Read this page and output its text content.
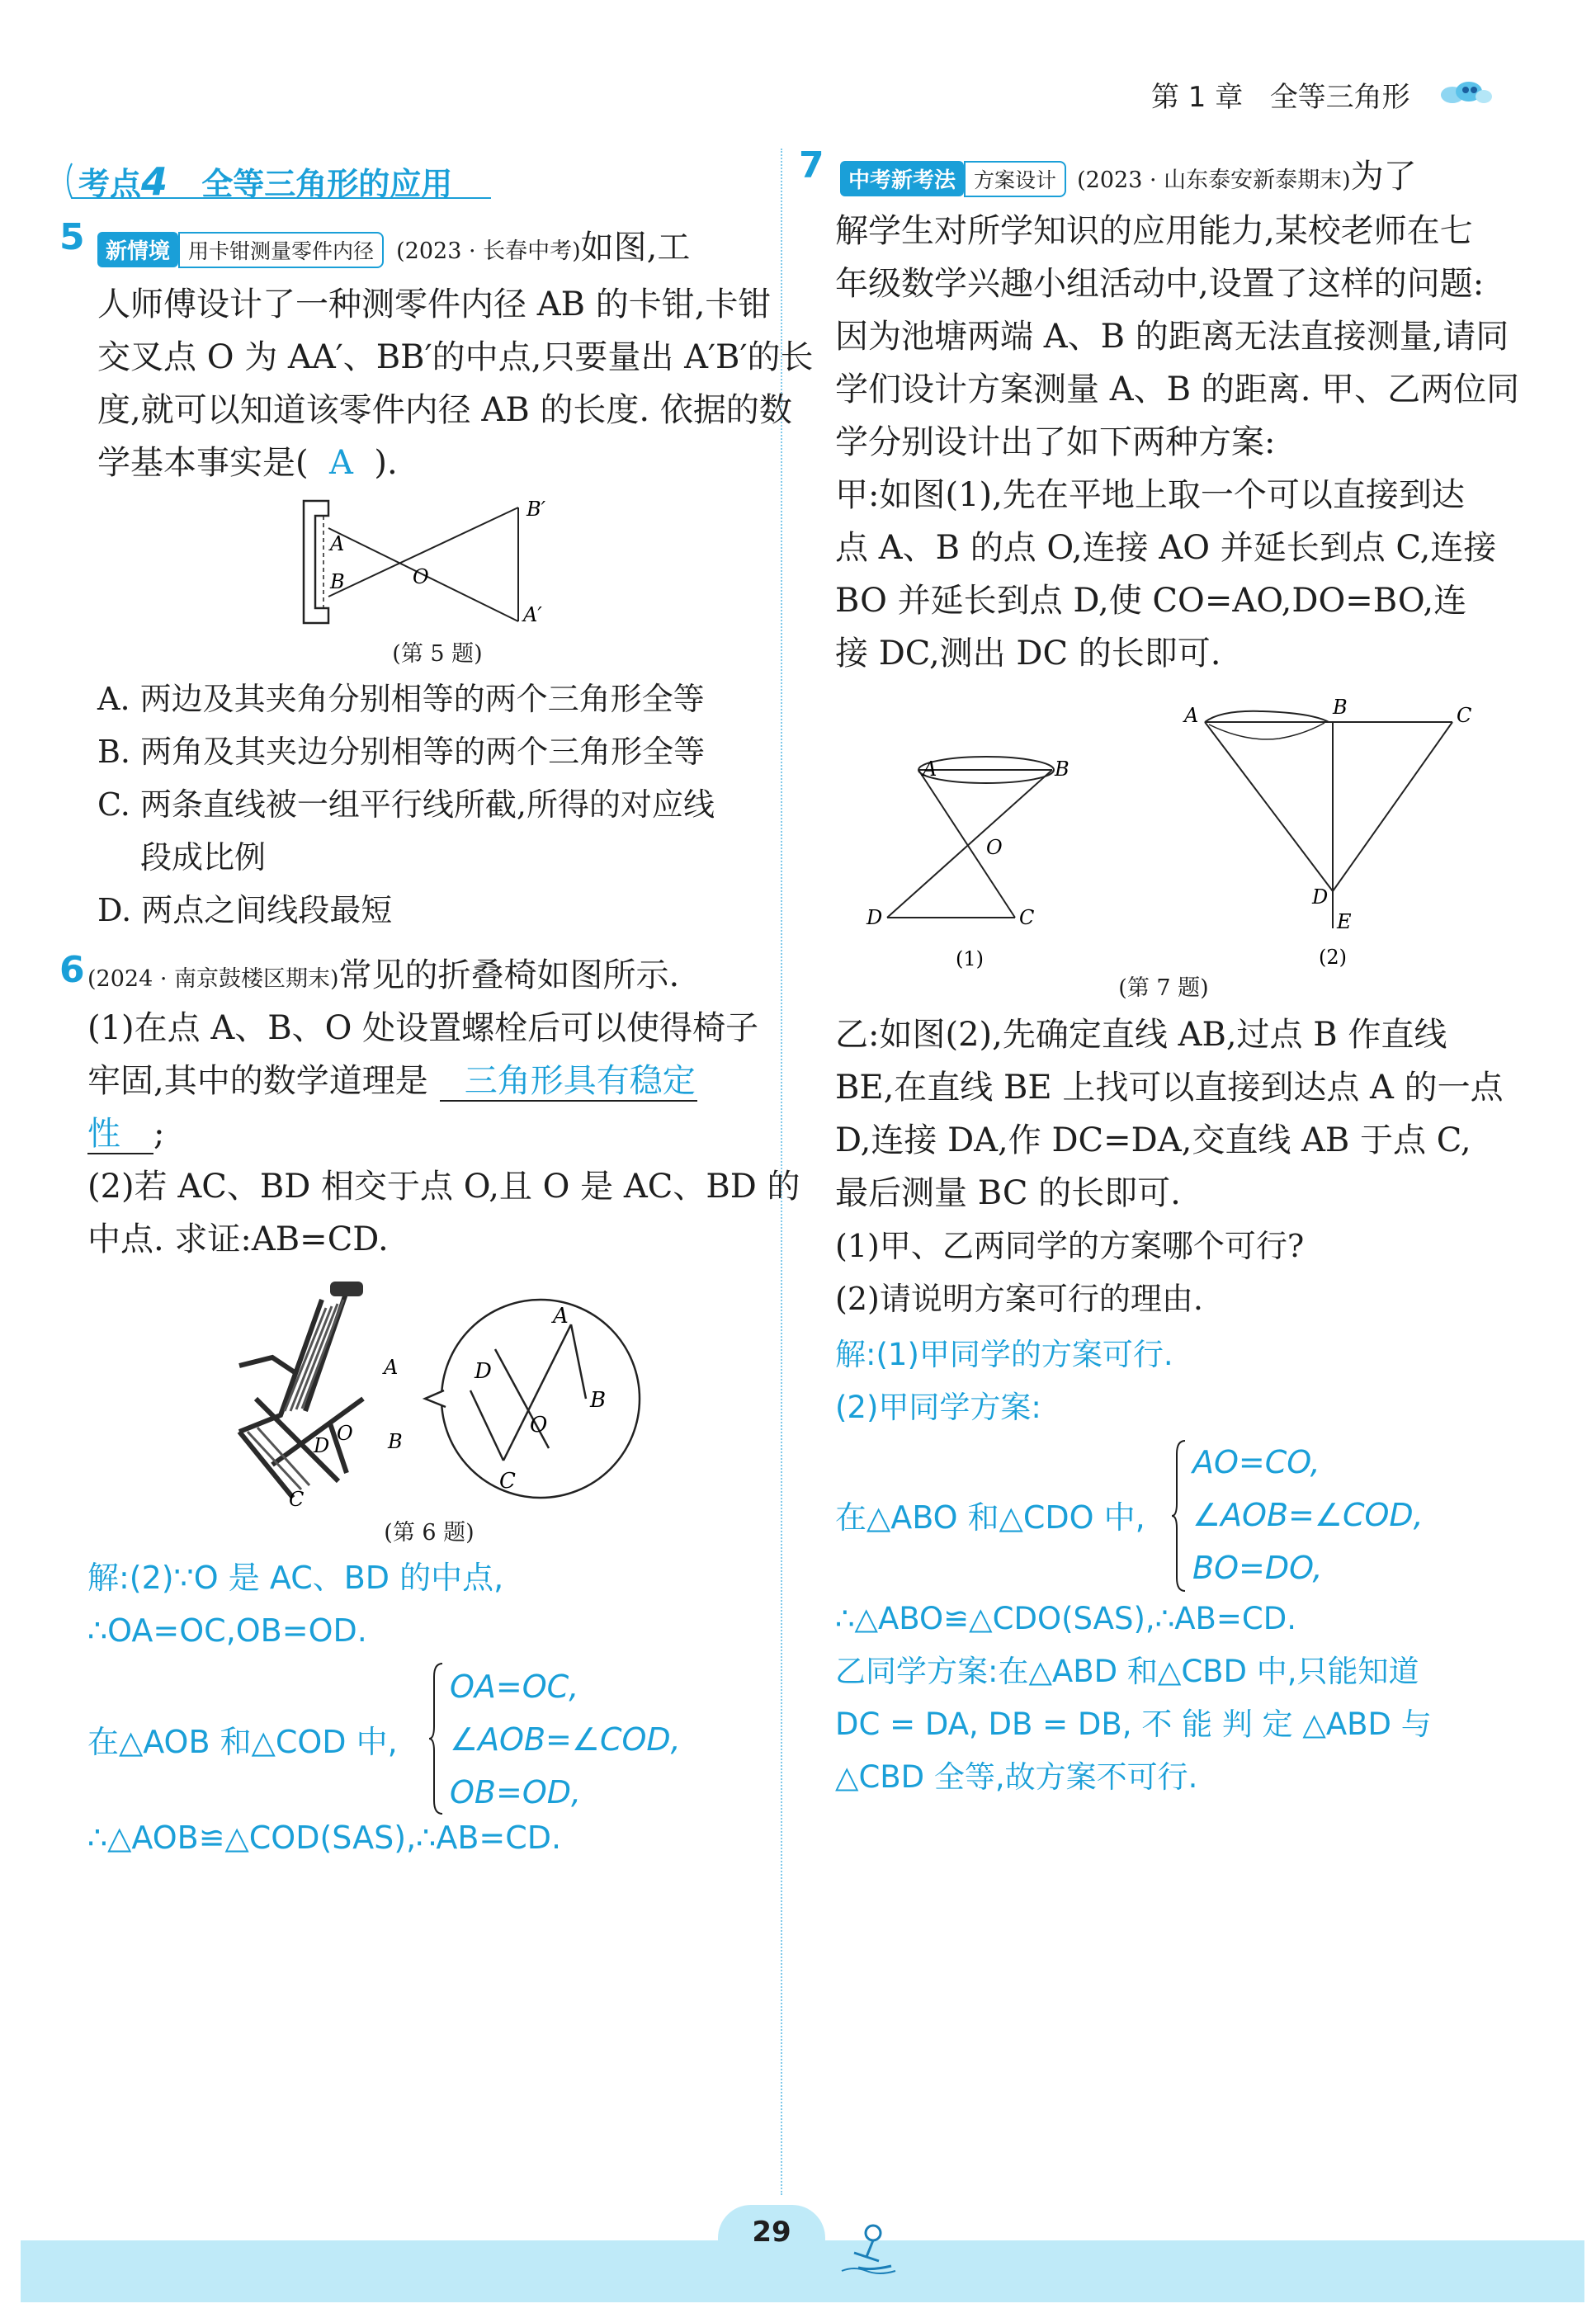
第 1 章 全等三角形
考点4 全等三角形的应用
5 新情境 用卡钳测量零件内径 (2023 · 长春中考)如图,工
人师傅设计了一种测零件内径 AB 的卡钳,卡钳
交叉点 O 为 AA′、BB′的中点,只要量出 A′B′的长
度,就可以知道该零件内径 AB 的长度. 依据的数
学基本事实是( A ).
A
B	O
B′
A′
(第 5 题)
A. 两边及其夹角分别相等的两个三角形全等
B. 两角及其夹边分别相等的两个三角形全等
C. 两条直线被一组平行线所截,所得的对应线
段成比例
D. 两点之间线段最短
6 (2024 · 南京鼓楼区期末)常见的折叠椅如图所示.
(1)在点 A、B、O 处设置螺栓后可以使得椅子
牢固,其中的数学道理是 三角形具有稳定
性 ;
(2)若 AC、BD 相交于点 O,且 O 是 AC、BD 的
中点. 求证:AB=CD.
A
B
D
O
C
A
B
D
O
C
(第 6 题)
解:(2)∵O 是 AC、BD 的中点,
∴OA=OC,OB=OD.
在△AOB 和△COD 中,
OA=OC,
∠AOB=∠COD,
OB=OD,
∴△AOB≌△COD(SAS),∴AB=CD.
7	中考新考法 方案设计 (2023 · 山东泰安新泰期末)为了
解学生对所学知识的应用能力,某校老师在七
年级数学兴趣小组活动中,设置了这样的问题:
因为池塘两端 A、B 的距离无法直接测量,请同
学们设计方案测量 A、B 的距离. 甲、乙两位同
学分别设计出了如下两种方案:
甲:如图(1),先在平地上取一个可以直接到达
点 A、B 的点 O,连接 AO 并延长到点 C,连接
BO 并延长到点 D,使 CO=AO,DO=BO,连
接 DC,测出 DC 的长即可.
A	B
O
D	C
(1)
A	B	C
D
E
(2)
(第 7 题)
乙:如图(2),先确定直线 AB,过点 B 作直线
BE,在直线 BE 上找可以直接到达点 A 的一点
D,连接 DA,作 DC=DA,交直线 AB 于点 C,
最后测量 BC 的长即可.
(1)甲、乙两同学的方案哪个可行?
(2)请说明方案可行的理由.
解:(1)甲同学的方案可行.
(2)甲同学方案:
在△ABO 和△CDO 中,
AO=CO,
∠AOB=∠COD,
BO=DO,
∴△ABO≌△CDO(SAS),∴AB=CD.
乙同学方案:在△ABD 和△CBD 中,只能知道
DC = DA, DB = DB, 不 能 判 定 △ABD 与
△CBD 全等,故方案不可行.
29
